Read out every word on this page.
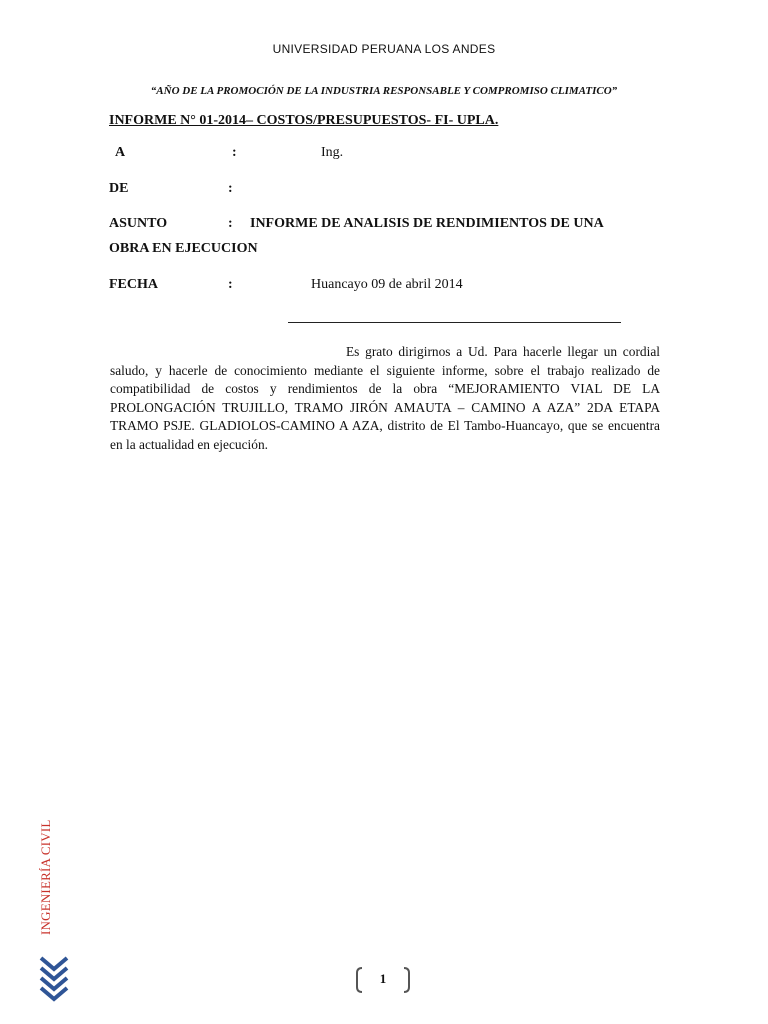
UNIVERSIDAD PERUANA LOS ANDES
“AÑO DE LA PROMOCIÓN DE LA INDUSTRIA RESPONSABLE Y COMPROMISO CLIMATICO”
INFORME N° 01-2014– COSTOS/PRESUPUESTOS- FI- UPLA.
A	:	Ing.
DE	:
ASUNTO	: INFORME DE ANALISIS DE RENDIMIENTOS DE UNA
OBRA EN EJECUCION
FECHA	:	Huancayo 09 de abril 2014
Es grato dirigirnos a Ud. Para hacerle llegar un cordial saludo, y hacerle de conocimiento mediante el siguiente informe, sobre el trabajo realizado de compatibilidad de costos y rendimientos de la obra “MEJORAMIENTO VIAL DE LA PROLONGACIÓN TRUJILLO, TRAMO JIRÓN AMAUTA – CAMINO A AZA” 2DA ETAPA TRAMO PSJE. GLADIOLOS-CAMINO A AZA, distrito de El Tambo-Huancayo, que se encuentra en la actualidad en ejecución.
INGENIERÍA CIVIL
1
